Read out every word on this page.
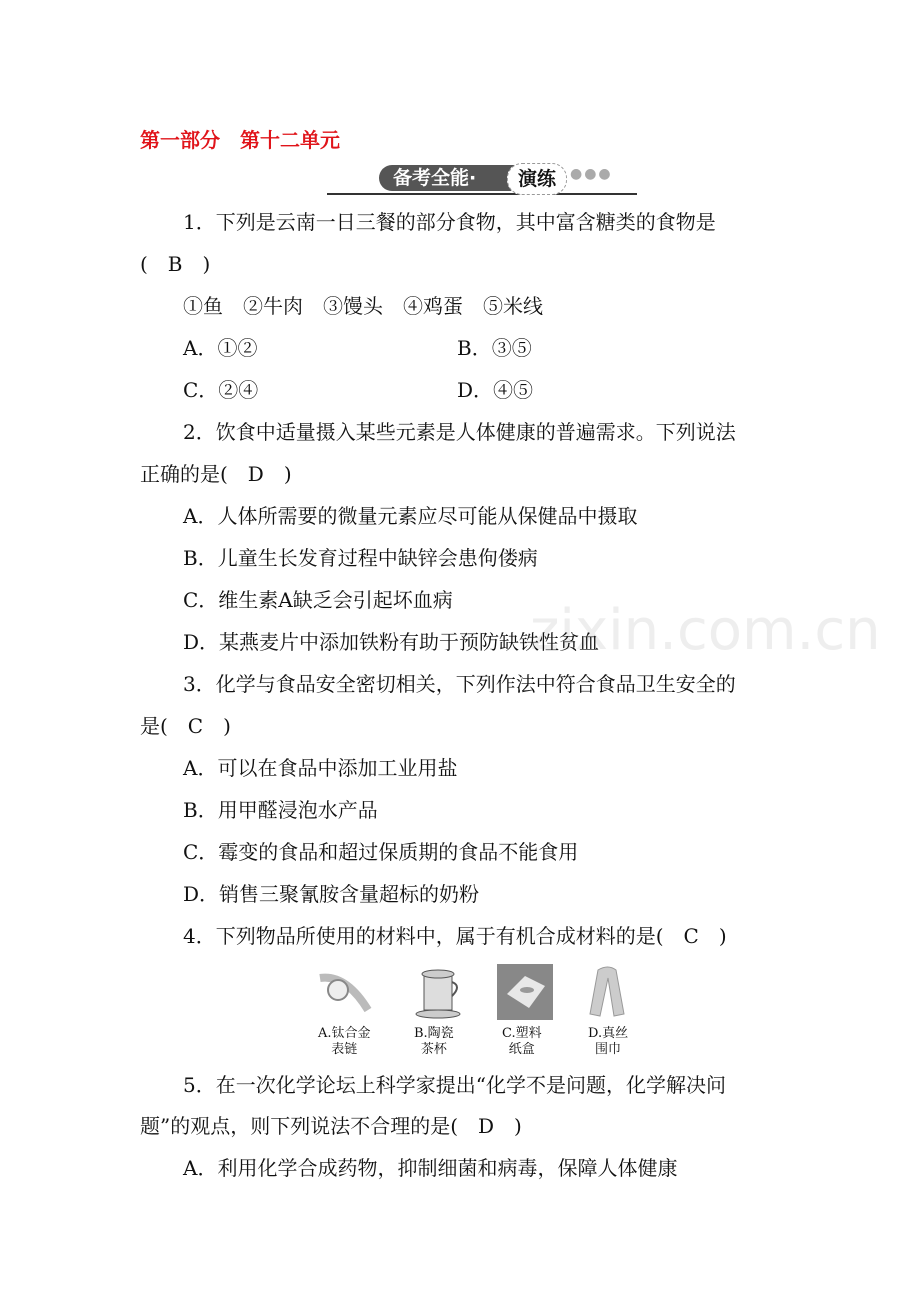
第一部分　第十二单元
备考全能·	演练	●●●
zixin.com.cn
1．下列是云南一日三餐的部分食物，其中富含糖类的食物是
(　B　)
①鱼　②牛肉　③馒头　④鸡蛋　⑤米线
A．①②	B．③⑤
C．②④	D．④⑤
2．饮食中适量摄入某些元素是人体健康的普遍需求。下列说法
正确的是(　D　)
A．人体所需要的微量元素应尽可能从保健品中摄取
B．儿童生长发育过程中缺锌会患佝偻病
C．维生素A缺乏会引起坏血病
D．某燕麦片中添加铁粉有助于预防缺铁性贫血
3．化学与食品安全密切相关，下列作法中符合食品卫生安全的
是(　C　)
A．可以在食品中添加工业用盐
B．用甲醛浸泡水产品
C．霉变的食品和超过保质期的食品不能食用
D．销售三聚氰胺含量超标的奶粉
4．下列物品所使用的材料中，属于有机合成材料的是(　C　)
A.钛合金
表链
B.陶瓷
茶杯
C.塑料
纸盒
D.真丝
围巾
5．在一次化学论坛上科学家提出“化学不是问题，化学解决问
题”的观点，则下列说法不合理的是(　D　)
A．利用化学合成药物，抑制细菌和病毒，保障人体健康
